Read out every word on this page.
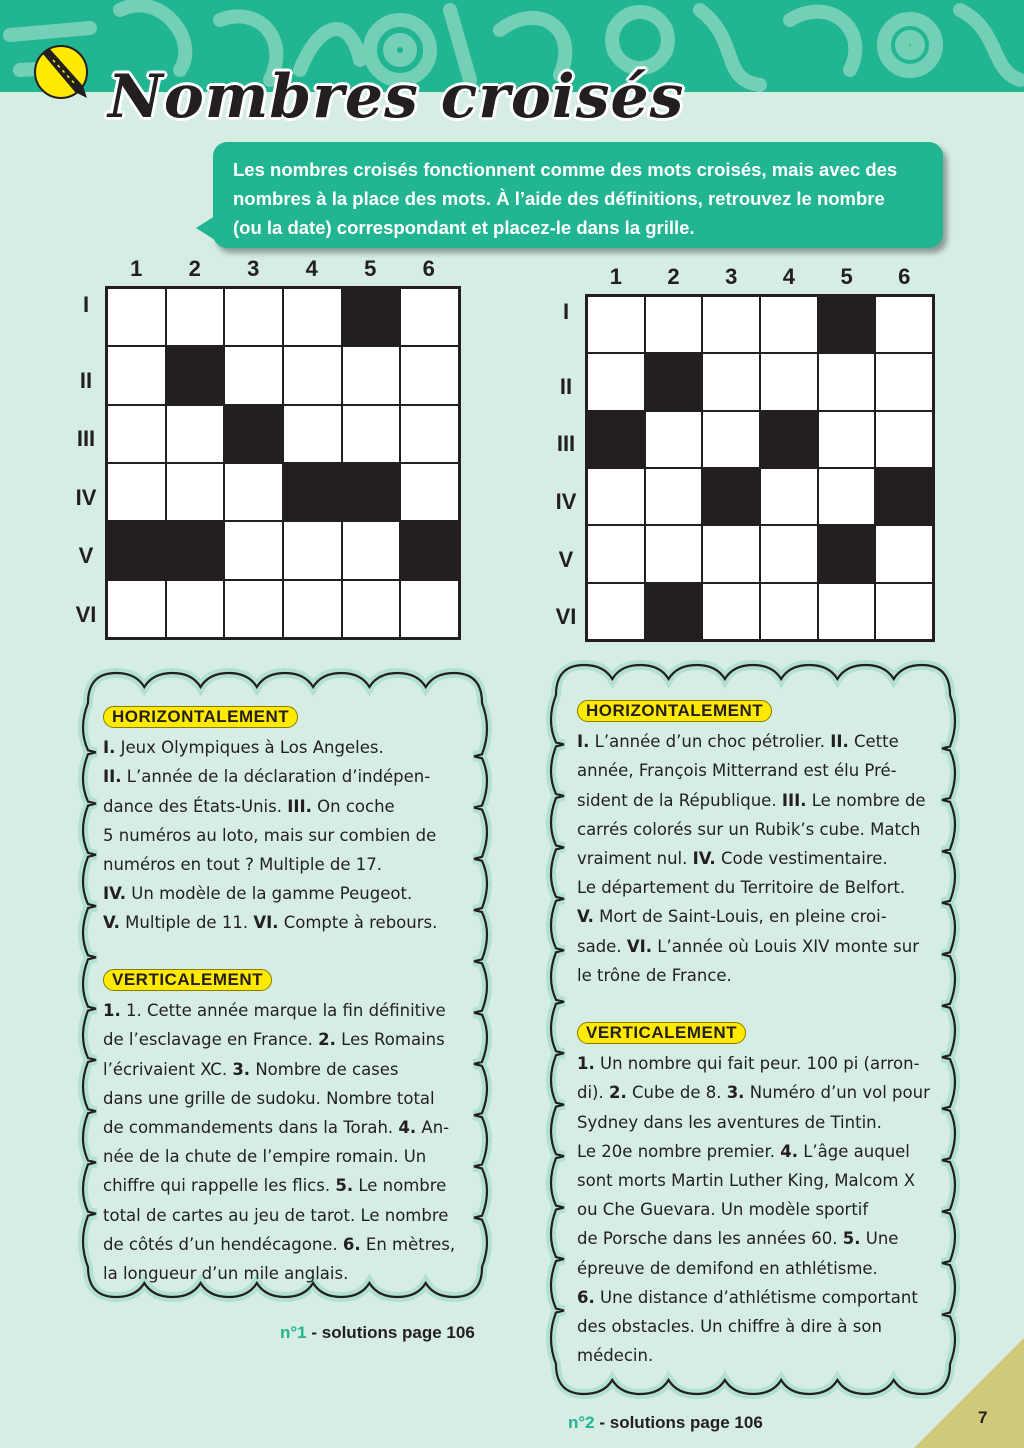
Nombres croisés
Les nombres croisés fonctionnent comme des mots croisés, mais avec des
nombres à la place des mots. À l’aide des définitions, retrouvez le nombre
(ou la date) correspondant et placez-le dans la grille.
1	2	3	4	5	6
I
II
III
IV
V
VI
1	2	3	4	5	6
I
II
III
IV
V
VI
HORIZONTALEMENT
I. Jeux Olympiques à Los Angeles.
II. L’année de la déclaration d’indépen-
dance des États-Unis. III. On coche
5 numéros au loto, mais sur combien de
numéros en tout ? Multiple de 17.
IV. Un modèle de la gamme Peugeot.
V. Multiple de 11. VI. Compte à rebours.
VERTICALEMENT
1. 1. Cette année marque la fin définitive
de l’esclavage en France. 2. Les Romains
l’écrivaient XC. 3. Nombre de cases
dans une grille de sudoku. Nombre total
de commandements dans la Torah. 4. An-
née de la chute de l’empire romain. Un
chiffre qui rappelle les flics. 5. Le nombre
total de cartes au jeu de tarot. Le nombre
de côtés d’un hendécagone. 6. En mètres,
la longueur d’un mile anglais.
n°1 - solutions page 106
HORIZONTALEMENT
I. L’année d’un choc pétrolier. II. Cette
année, François Mitterrand est élu Pré-
sident de la République. III. Le nombre de
carrés colorés sur un Rubik’s cube. Match
vraiment nul. IV. Code vestimentaire.
Le département du Territoire de Belfort.
V. Mort de Saint-Louis, en pleine croi-
sade. VI. L’année où Louis XIV monte sur
le trône de France.
VERTICALEMENT
1. Un nombre qui fait peur. 100 pi (arron-
di). 2. Cube de 8. 3. Numéro d’un vol pour
Sydney dans les aventures de Tintin.
Le 20e nombre premier. 4. L’âge auquel
sont morts Martin Luther King, Malcom X
ou Che Guevara. Un modèle sportif
de Porsche dans les années 60. 5. Une
épreuve de demifond en athlétisme.
6. Une distance d’athlétisme comportant
des obstacles. Un chiffre à dire à son
médecin.
n°2 - solutions page 106	7
